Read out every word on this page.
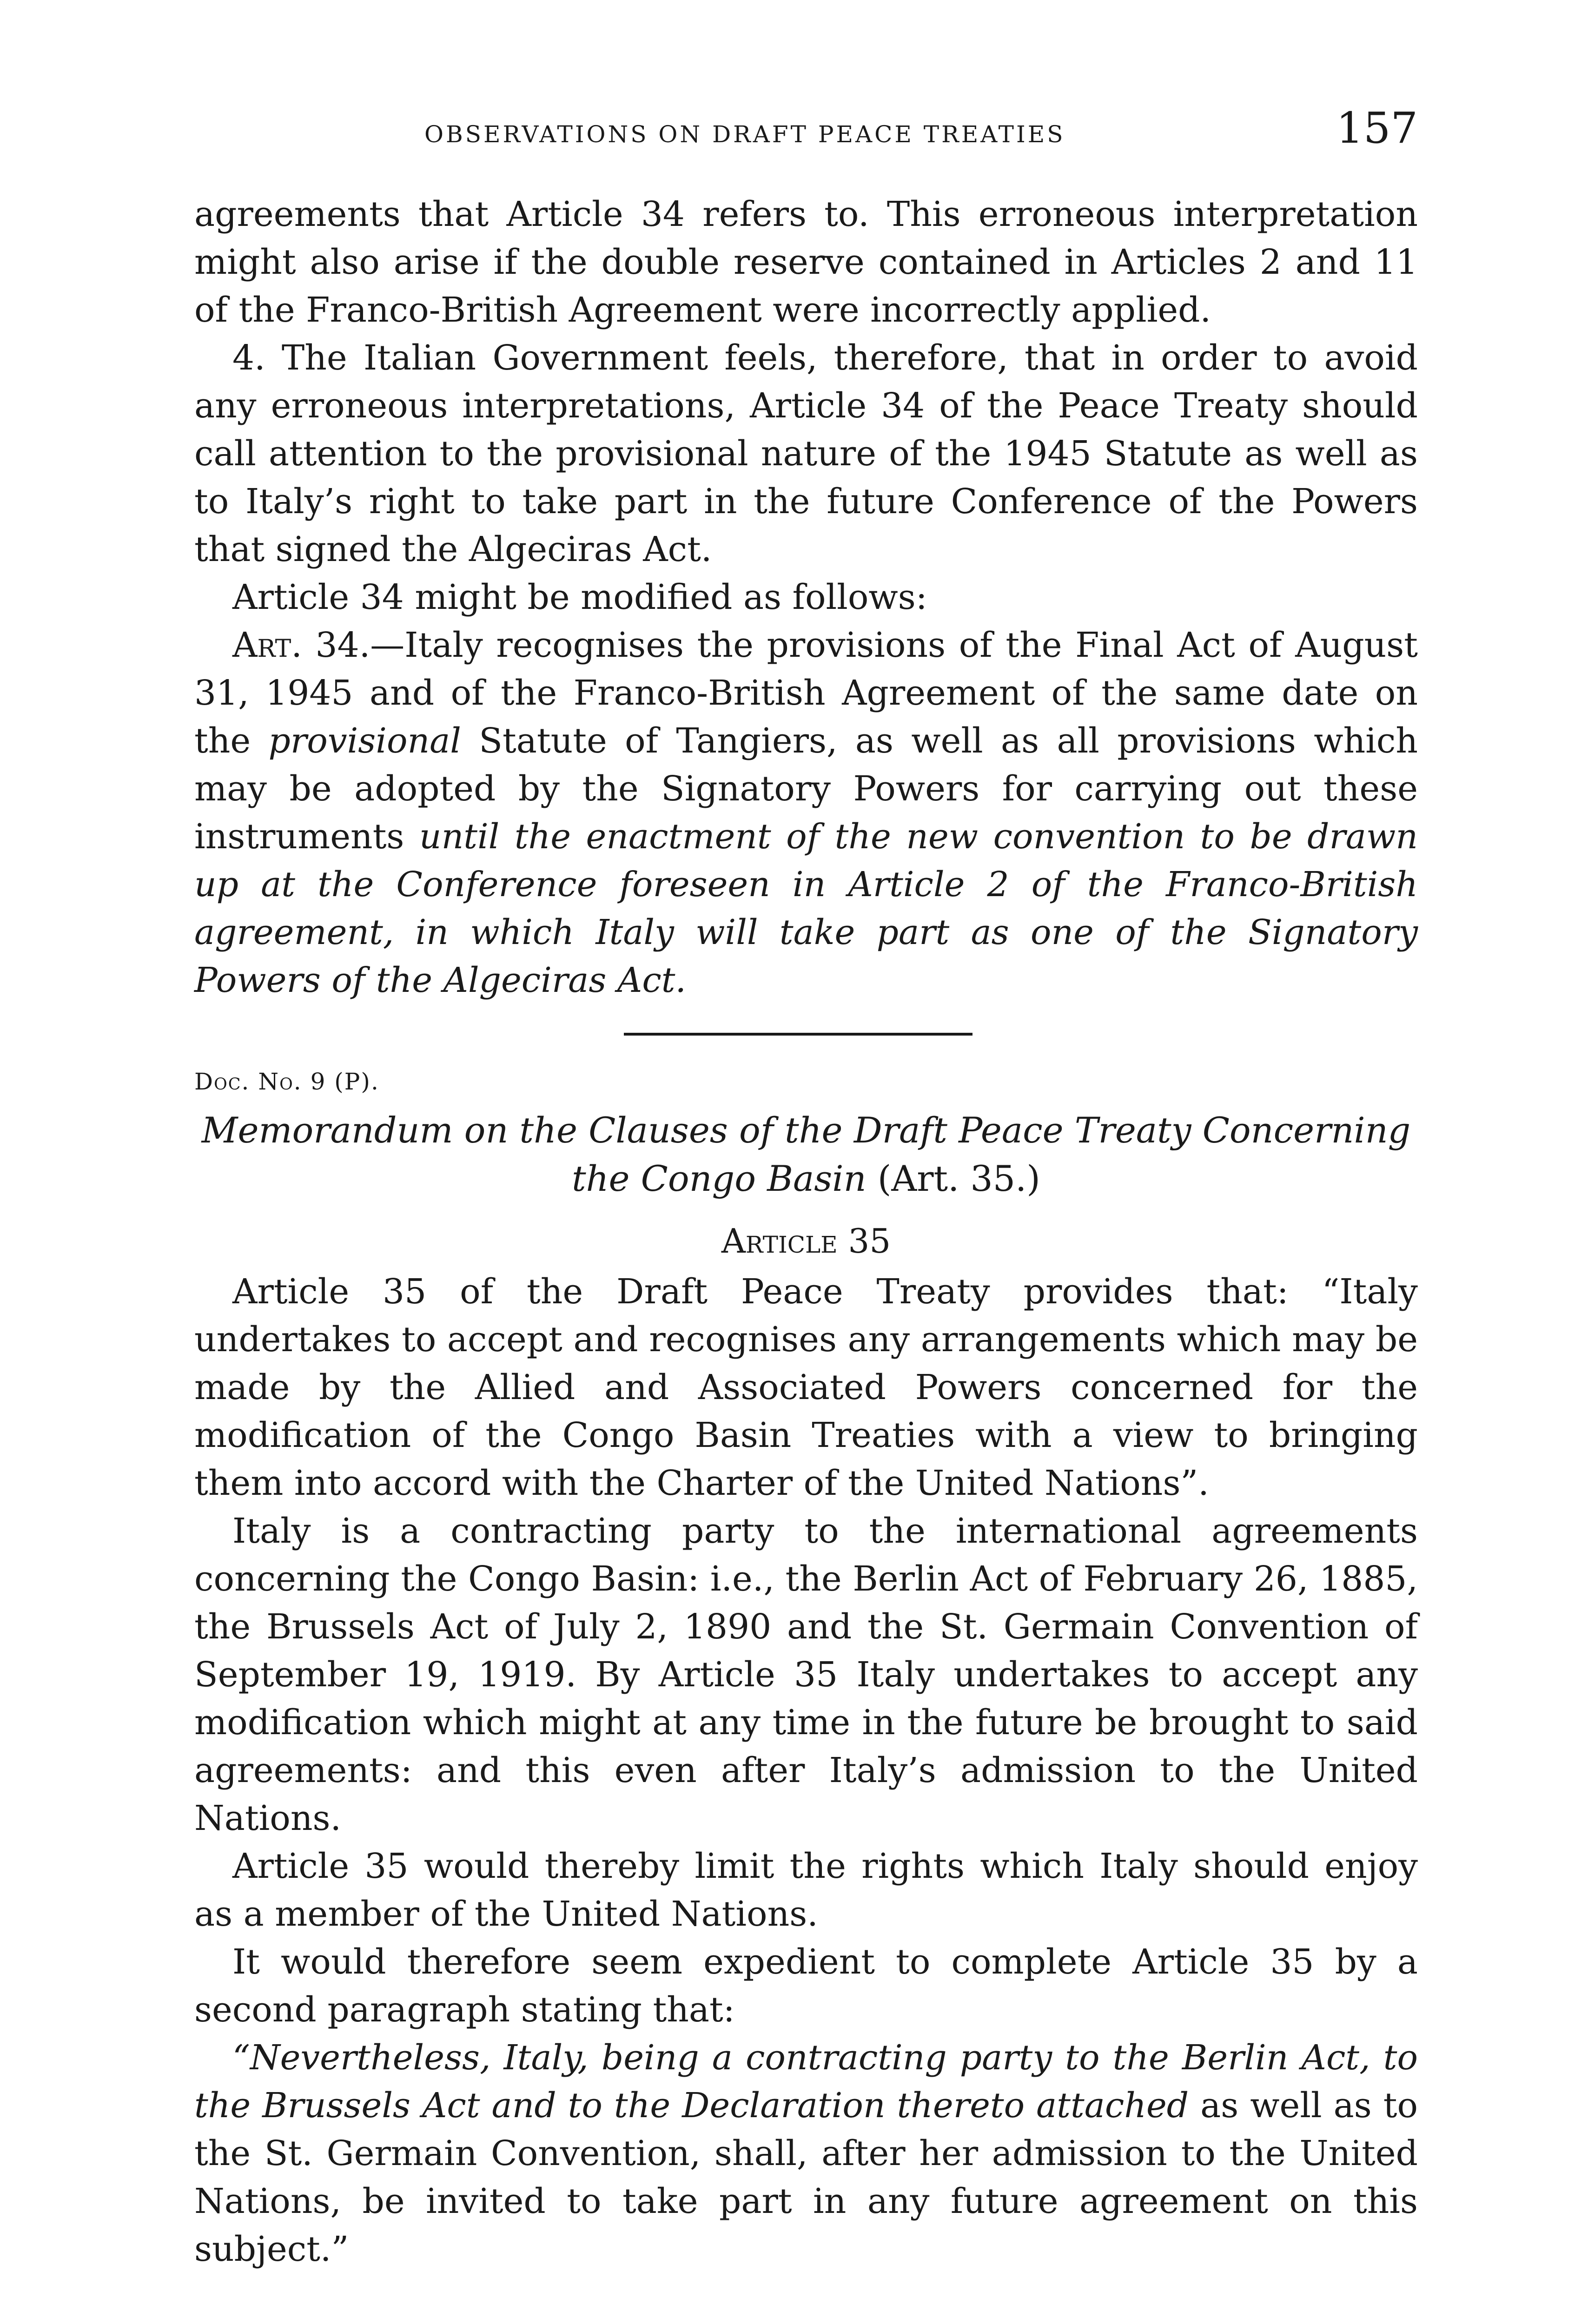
OBSERVATIONS ON DRAFT PEACE TREATIES	157

agreements that Article 34 refers to. This erroneous interpretation might also arise if the double reserve contained in Articles 2 and 11 of the Franco-British Agreement were incorrectly applied.

4. The Italian Government feels, therefore, that in order to avoid any erroneous interpretations, Article 34 of the Peace Treaty should call attention to the provisional nature of the 1945 Statute as well as to Italy’s right to take part in the future Conference of the Powers that signed the Algeciras Act.

Article 34 might be modified as follows:

Art. 34.—Italy recognises the provisions of the Final Act of August 31, 1945 and of the Franco-British Agreement of the same date on the provisional Statute of Tangiers, as well as all provisions which may be adopted by the Signatory Powers for carrying out these instruments until the enactment of the new convention to be drawn up at the Conference foreseen in Article 2 of the Franco-British agreement, in which Italy will take part as one of the Signatory Powers of the Algeciras Act.

Doc. No. 9 (P).
Memorandum on the Clauses of the Draft Peace Treaty Concerning the Congo Basin (Art. 35.)
Article 35

Article 35 of the Draft Peace Treaty provides that: “Italy undertakes to accept and recognises any arrangements which may be made by the Allied and Associated Powers concerned for the modification of the Congo Basin Treaties with a view to bringing them into accord with the Charter of the United Nations”.

Italy is a contracting party to the international agreements concerning the Congo Basin: i.e., the Berlin Act of February 26, 1885, the Brussels Act of July 2, 1890 and the St. Germain Convention of September 19, 1919. By Article 35 Italy undertakes to accept any modification which might at any time in the future be brought to said agreements: and this even after Italy’s admission to the United Nations.

Article 35 would thereby limit the rights which Italy should enjoy as a member of the United Nations.

It would therefore seem expedient to complete Article 35 by a second paragraph stating that:

“Nevertheless, Italy, being a contracting party to the Berlin Act, to the Brussels Act and to the Declaration thereto attached as well as to the St. Germain Convention, shall, after her admission to the United Nations, be invited to take part in any future agreement on this subject.”
